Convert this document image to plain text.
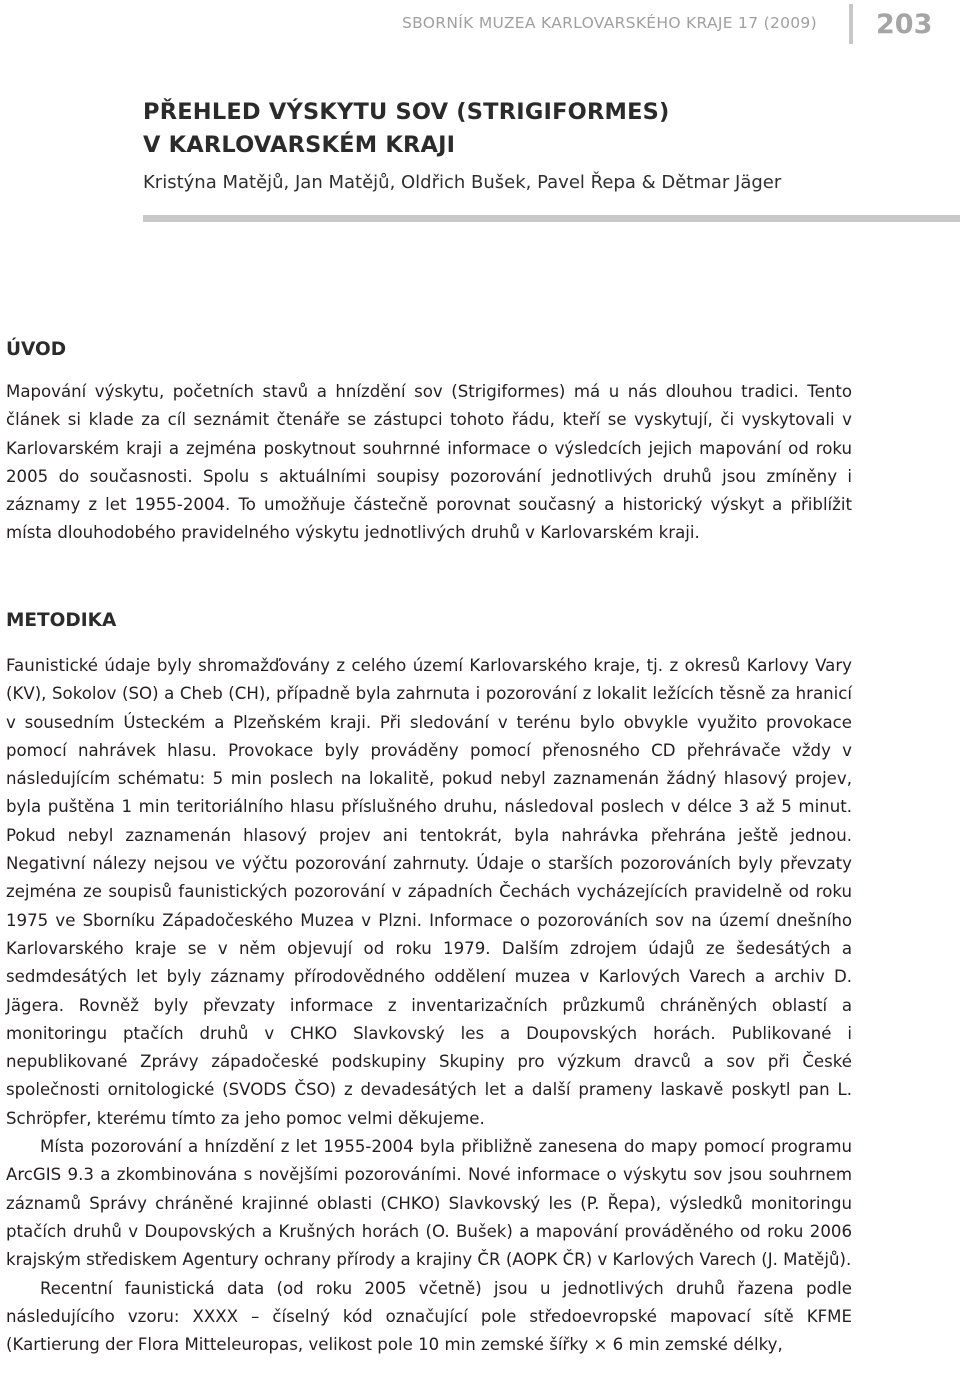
SBORNÍK MUZEA KARLOVARSKÉHO KRAJE 17 (2009) 203
PŘEHLED VÝSKYTU SOV (STRIGIFORMES)
V KARLOVARSKÉM KRAJI
Kristýna Matějů, Jan Matějů, Oldřich Bušek, Pavel Řepa & Dětmar Jäger
ÚVOD

Mapování výskytu, početních stavů a hnízdění sov (Strigiformes) má u nás dlouhou tradici. Tento článek si klade za cíl seznámit čtenáře se zástupci tohoto řádu, kteří se vyskytují, či vyskytovali v Karlovarském kraji a zejména poskytnout souhrnné informace o výsledcích jejich mapování od roku 2005 do současnosti. Spolu s aktuálními soupisy pozorování jednotlivých druhů jsou zmíněny i záznamy z let 1955-2004. To umožňuje částečně porovnat současný a historický výskyt a přiblížit místa dlouhodobého pravidelného výskytu jednotlivých druhů v Karlovarském kraji.

METODIKA

Faunistické údaje byly shromažďovány z celého území Karlovarského kraje, tj. z okresů Karlovy Vary (KV), Sokolov (SO) a Cheb (CH), případně byla zahrnuta i pozorování z lokalit ležících těsně za hranicí v sousedním Ústeckém a Plzeňském kraji. Při sledování v terénu bylo obvykle využito provokace pomocí nahrávek hlasu. Provokace byly prováděny pomocí přenosného CD přehrávače vždy v následujícím schématu: 5 min poslech na lokalitě, pokud nebyl zaznamenán žádný hlasový projev, byla puštěna 1 min teritoriálního hlasu příslušného druhu, následoval poslech v délce 3 až 5 minut. Pokud nebyl zaznamenán hlasový projev ani tentokrát, byla nahrávka přehrána ještě jednou. Negativní nálezy nejsou ve výčtu pozorování zahrnuty. Údaje o starších pozorováních byly převzaty zejména ze soupisů faunistických pozorování v západních Čechách vycházejících pravidelně od roku 1975 ve Sborníku Západočeského Muzea v Plzni. Informace o pozorováních sov na území dnešního Karlovarského kraje se v něm objevují od roku 1979. Dalším zdrojem údajů ze šedesátých a sedmdesátých let byly záznamy přírodovědného oddělení muzea v Karlových Varech a archiv D. Jägera. Rovněž byly převzaty informace z inventarizačních průzkumů chráněných oblastí a monitoringu ptačích druhů v CHKO Slavkovský les a Doupovských horách. Publikované i nepublikované Zprávy západočeské podskupiny Skupiny pro výzkum dravců a sov při České společnosti ornitologické (SVODS ČSO) z devadesátých let a další prameny laskavě poskytl pan L. Schröpfer, kterému tímto za jeho pomoc velmi děkujeme.

Místa pozorování a hnízdění z let 1955-2004 byla přibližně zanesena do mapy pomocí programu ArcGIS 9.3 a zkombinována s novějšími pozorováními. Nové informace o výskytu sov jsou souhrnem záznamů Správy chráněné krajinné oblasti (CHKO) Slavkovský les (P. Řepa), výsledků monitoringu ptačích druhů v Doupovských a Krušných horách (O. Bušek) a mapování prováděného od roku 2006 krajským střediskem Agentury ochrany přírody a krajiny ČR (AOPK ČR) v Karlových Varech (J. Matějů).

Recentní faunistická data (od roku 2005 včetně) jsou u jednotlivých druhů řazena podle následujícího vzoru: XXXX – číselný kód označující pole středoevropské mapovací sítě KFME (Kartierung der Flora Mitteleuropas, velikost pole 10 min zemské šířky × 6 min zemské délky,
